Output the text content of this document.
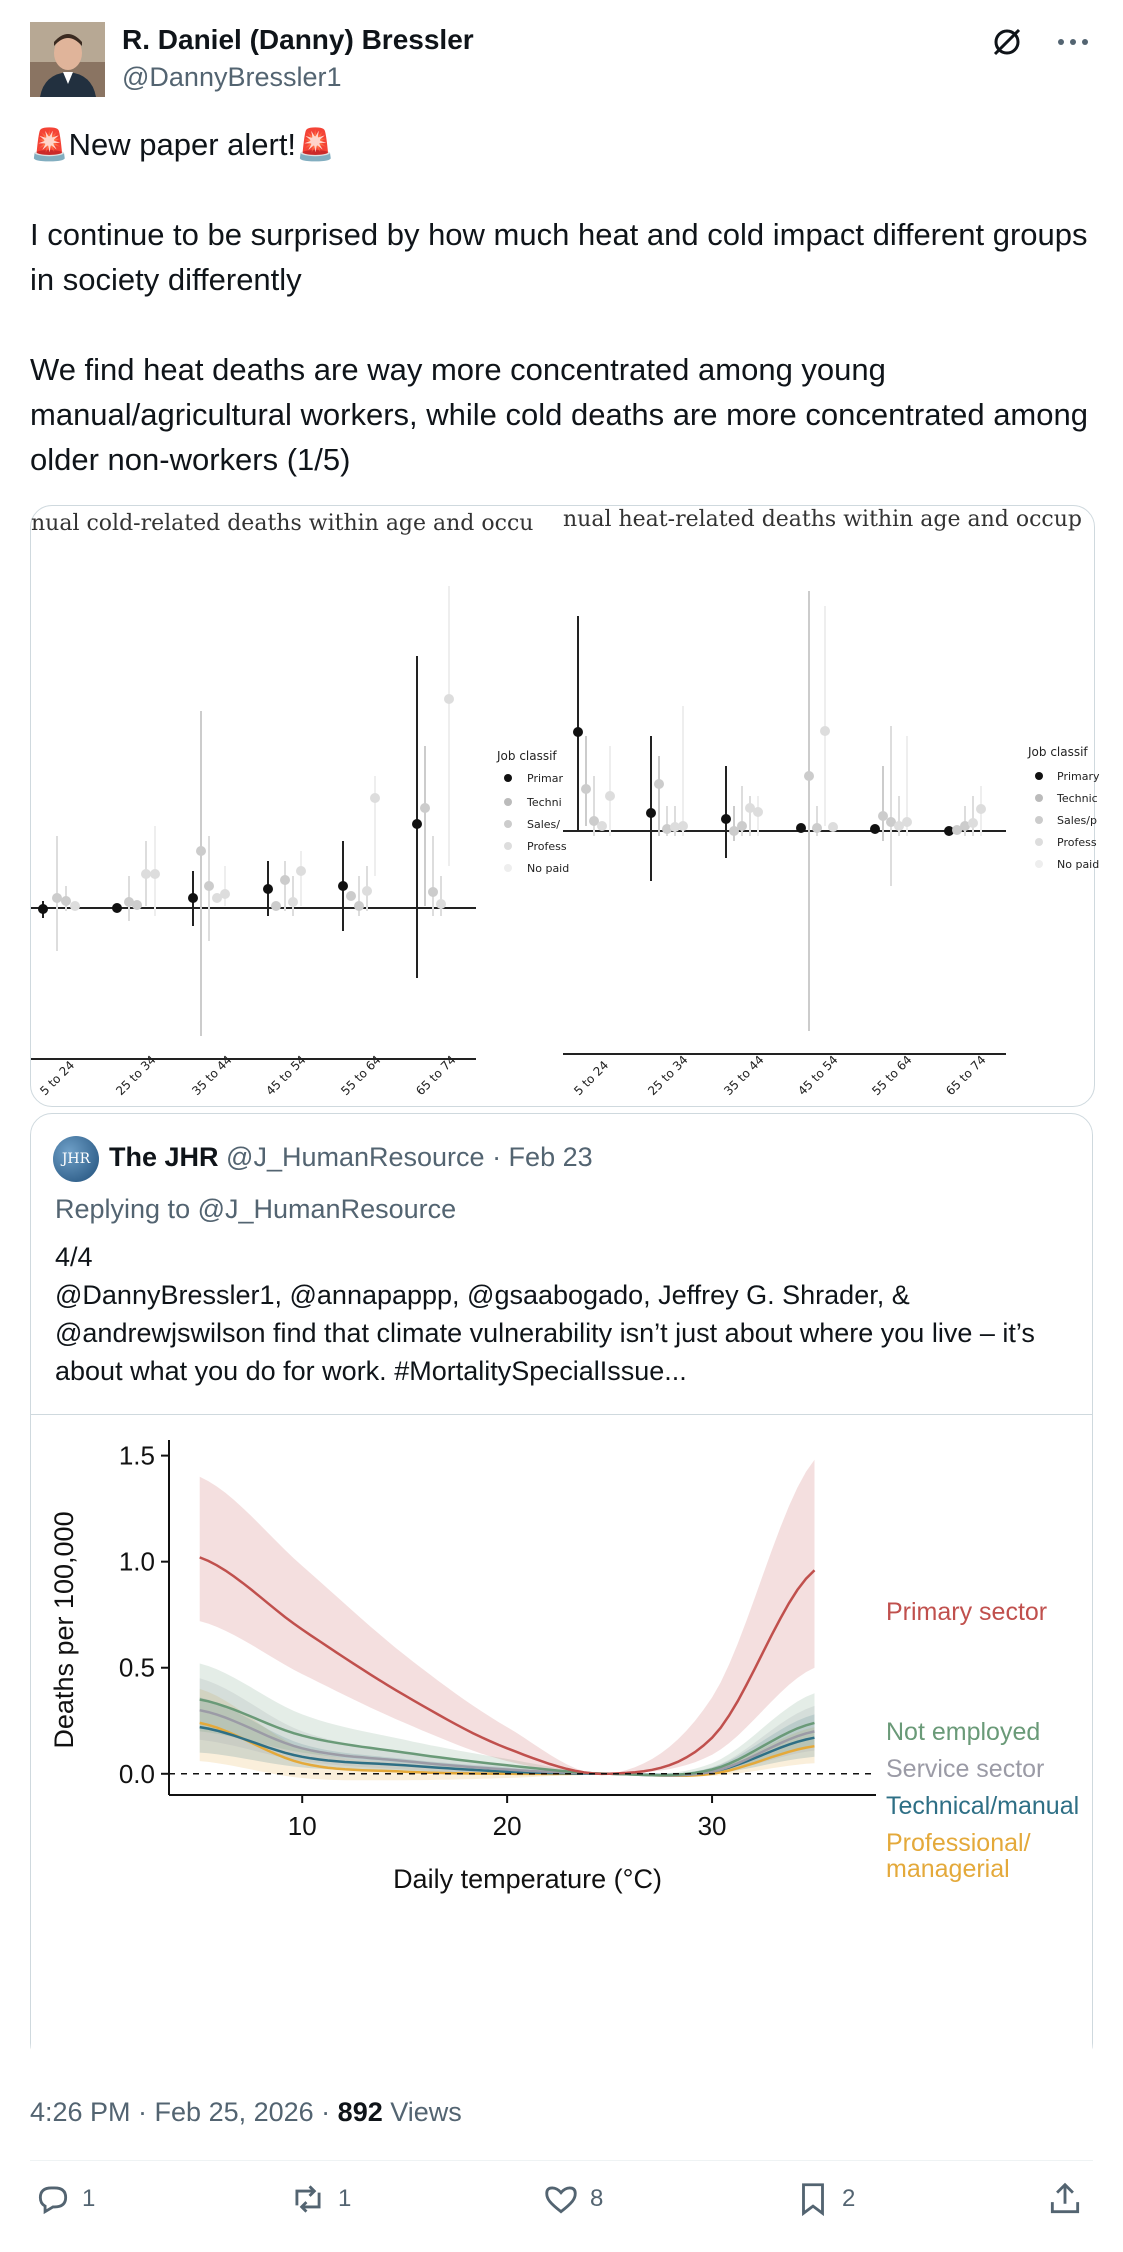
R. Daniel (Danny) Bressler
@DannyBressler1

🚨New paper alert!🚨

I continue to be surprised by how much heat and cold impact different groups in society differently

We find heat deaths are way more concentrated among young manual/agricultural workers, while cold deaths are more concentrated among older non-workers (1/5)

nual cold-related deaths within age and occu nual heat-related deaths within age and occup
5 to 24	25 to 34	35 to 44 45 to 54 55 to 64 65 to 74
Job classif
Primar
Techni
Sales/
Profess
No paid
5 to 24	25 to 34	35 to 44 45 to 54 55 to 64 65 to 74
Job classif
Primary
Technic
Sales/p
Profess
No paid
JHR The JHR @J_HumanResource · Feb 23
Replying to @J_HumanResource

4/4

@DannyBressler1, @annapappp, @gsaabogado, Jeffrey G. Shrader, & @andrewjswilson find that climate vulnerability isn’t just about where you live – it’s about what you do for work. #MortalitySpecialIssue...

0.0
0.5
1.0
1.5
10	20	30
Daily temperature (°C)
Deaths per 100,000	Primary sector
Not employed
Service sector
Technical/manual
Professional/
managerial
4:26 PM · Feb 25, 2026 · 892 Views
1	1	8	2
